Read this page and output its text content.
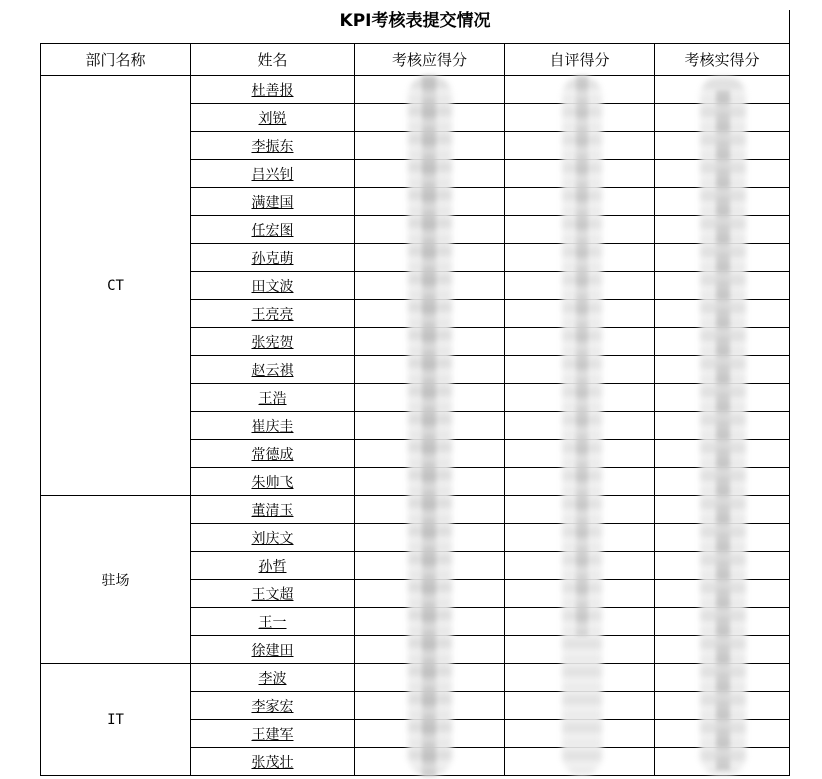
KPI考核表提交情况
部门名称	姓名	考核应得分	自评得分	考核实得分
CT	杜善报			
	刘锐			
	李振东			
	吕兴钊			
	满建国			
	任宏图			
	孙克萌			
	田文波			
	王亮亮			
	张宪贺			
	赵云祺			
	王浩			
	崔庆圭			
	常德成			
	朱帅飞			
驻场	董清玉			
	刘庆文			
	孙哲			
	王文超			
	王一			
	徐建田			
IT	李波			
	李家宏			
	王建军			
	张茂壮			
